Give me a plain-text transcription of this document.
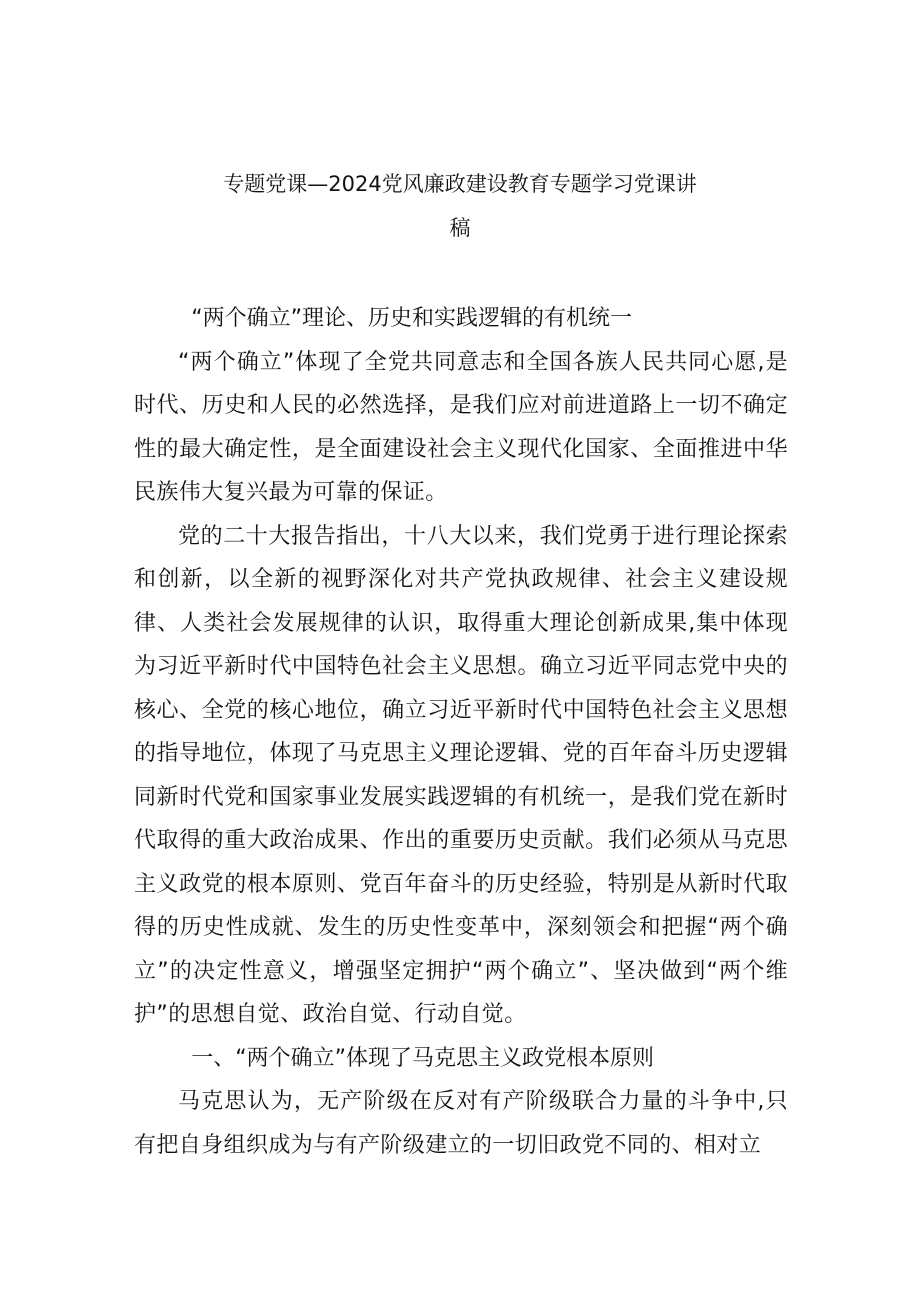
专题党课—2024党风廉政建设教育专题学习党课讲
稿

“两个确立”理论、历史和实践逻辑的有机统一

“两个确立”体现了全党共同意志和全国各族人民共同心愿,是时代、历史和人民的必然选择，是我们应对前进道路上一切不确定性的最大确定性，是全面建设社会主义现代化国家、全面推进中华民族伟大复兴最为可靠的保证。

党的二十大报告指出，十八大以来，我们党勇于进行理论探索和创新，以全新的视野深化对共产党执政规律、社会主义建设规律、人类社会发展规律的认识，取得重大理论创新成果,集中体现为习近平新时代中国特色社会主义思想。确立习近平同志党中央的核心、全党的核心地位，确立习近平新时代中国特色社会主义思想的指导地位，体现了马克思主义理论逻辑、党的百年奋斗历史逻辑同新时代党和国家事业发展实践逻辑的有机统一，是我们党在新时代取得的重大政治成果、作出的重要历史贡献。我们必须从马克思主义政党的根本原则、党百年奋斗的历史经验，特别是从新时代取得的历史性成就、发生的历史性变革中，深刻领会和把握“两个确立”的决定性意义，增强坚定拥护“两个确立”、坚决做到“两个维护”的思想自觉、政治自觉、行动自觉。

一、“两个确立”体现了马克思主义政党根本原则

马克思认为，无产阶级在反对有产阶级联合力量的斗争中,只有把自身组织成为与有产阶级建立的一切旧政党不同的、相对立
